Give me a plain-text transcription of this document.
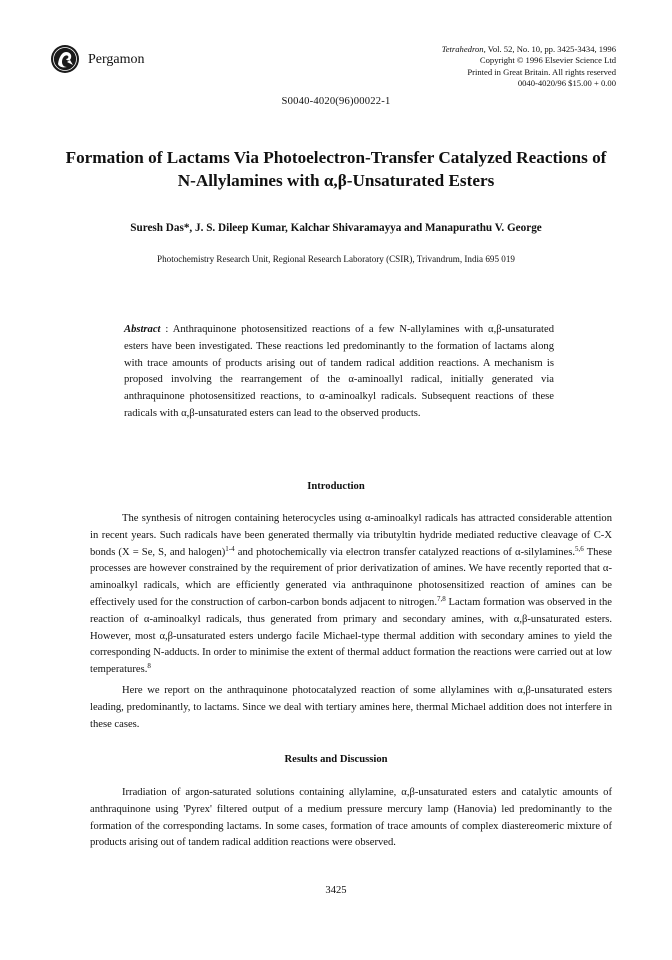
Pergamon
Tetrahedron, Vol. 52, No. 10, pp. 3425-3434, 1996
Copyright © 1996 Elsevier Science Ltd
Printed in Great Britain. All rights reserved
0040-4020/96 $15.00 + 0.00
S0040-4020(96)00022-1
Formation of Lactams Via Photoelectron-Transfer Catalyzed Reactions of
N-Allylamines with α,β-Unsaturated Esters
Suresh Das*, J. S. Dileep Kumar, Kalchar Shivaramayya and Manapurathu V. George
Photochemistry Research Unit, Regional Research Laboratory (CSIR), Trivandrum, India 695 019

Abstract : Anthraquinone photosensitized reactions of a few N-allylamines with α,β-unsaturated esters have been investigated. These reactions led predominantly to the formation of lactams along with trace amounts of products arising out of tandem radical addition reactions. A mechanism is proposed involving the rearrangement of the α-aminoallyl radical, initially generated via anthraquinone photosensitized reactions, to α-aminoalkyl radicals. Subsequent reactions of these radicals with α,β-unsaturated esters can lead to the observed products.

Introduction

The synthesis of nitrogen containing heterocycles using α-aminoalkyl radicals has attracted considerable attention in recent years. Such radicals have been generated thermally via tributyltin hydride mediated reductive cleavage of C-X bonds (X = Se, S, and halogen)$^{1-4}$ and photochemically via electron transfer catalyzed reactions of α-silylamines.$^{5,6}$ These processes are however constrained by the requirement of prior derivatization of amines. We have recently reported that α-aminoalkyl radicals, which are efficiently generated via anthraquinone photosensitized reaction of amines can be effectively used for the construction of carbon-carbon bonds adjacent to nitrogen.$^{7,8}$ Lactam formation was observed in the reaction of α-aminoalkyl radicals, thus generated from primary and secondary amines, with α,β-unsaturated esters. However, most α,β-unsaturated esters undergo facile Michael-type thermal addition with secondary amines to yield the corresponding N-adducts. In order to minimise the extent of thermal adduct formation the reactions were carried out at low temperatures.$^8$

Here we report on the anthraquinone photocatalyzed reaction of some allylamines with α,β-unsaturated esters leading, predominantly, to lactams. Since we deal with tertiary amines here, thermal Michael addition does not interfere in these cases.

Results and Discussion

Irradiation of argon-saturated solutions containing allylamine, α,β-unsaturated esters and catalytic amounts of anthraquinone using 'Pyrex' filtered output of a medium pressure mercury lamp (Hanovia) led predominantly to the formation of the corresponding lactams. In some cases, formation of trace amounts of complex diastereomeric mixture of products arising out of tandem radical addition reactions were observed.

3425
